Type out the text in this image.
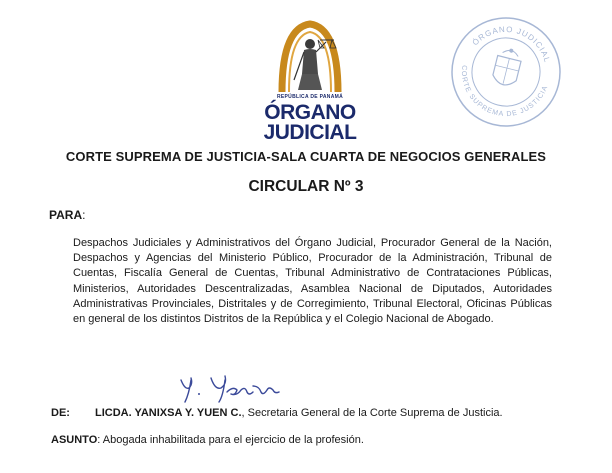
REPÚBLICA DE PANAMÁ
ÓRGANO
JUDICIAL
ÓRGANO JUDICIAL
CORTE SUPREMA DE JUSTICIA
CORTE SUPREMA DE JUSTICIA-SALA CUARTA DE NEGOCIOS GENERALES
CIRCULAR Nº 3
PARA:
Despachos Judiciales y Administrativos del Órgano Judicial, Procurador General de la Nación, Despachos y Agencias del Ministerio Público, Procurador de la Administración, Tribunal de Cuentas, Fiscalía General de Cuentas, Tribunal Administrativo de Contrataciones Públicas, Ministerios, Autoridades Descentralizadas, Asamblea Nacional de Diputados, Autoridades Administrativas Provinciales, Distritales y de Corregimiento, Tribunal Electoral, Oficinas Públicas en general de los distintos Distritos de la República y el Colegio Nacional de Abogado.
DE: LICDA. YANIXSA Y. YUEN C., Secretaria General de la Corte Suprema de Justicia.
ASUNTO: Abogada inhabilitada para el ejercicio de la profesión.
